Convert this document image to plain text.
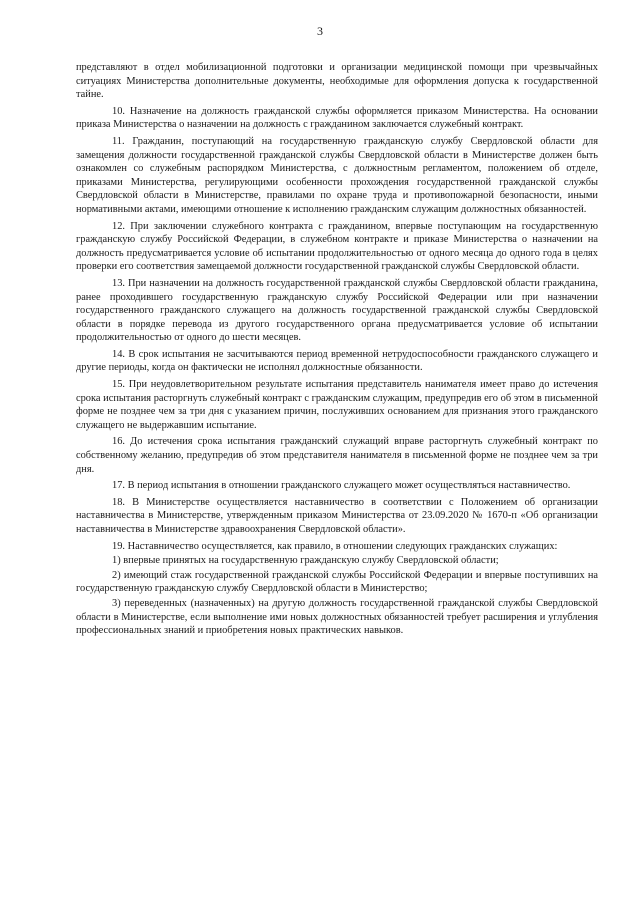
3

представляют в отдел мобилизационной подготовки и организации медицинской помощи при чрезвычайных ситуациях Министерства дополнительные документы, необходимые для оформления допуска к государственной тайне.

10. Назначение на должность гражданской службы оформляется приказом Министерства. На основании приказа Министерства о назначении на должность с гражданином заключается служебный контракт.

11. Гражданин, поступающий на государственную гражданскую службу Свердловской области для замещения должности государственной гражданской службы Свердловской области в Министерстве должен быть ознакомлен со служебным распорядком Министерства, с должностным регламентом, положением об отделе, приказами Министерства, регулирующими особенности прохождения государственной гражданской службы Свердловской области в Министерстве, правилами по охране труда и противопожарной безопасности, иными нормативными актами, имеющими отношение к исполнению гражданским служащим должностных обязанностей.

12. При заключении служебного контракта с гражданином, впервые поступающим на государственную гражданскую службу Российской Федерации, в служебном контракте и приказе Министерства о назначении на должность предусматривается условие об испытании продолжительностью от одного месяца до одного года в целях проверки его соответствия замещаемой должности государственной гражданской службы Свердловской области.

13. При назначении на должность государственной гражданской службы Свердловской области гражданина, ранее проходившего государственную гражданскую службу Российской Федерации или при назначении государственного гражданского служащего на должность государственной гражданской службы Свердловской области в порядке перевода из другого государственного органа предусматривается условие об испытании продолжительностью от одного до шести месяцев.

14. В срок испытания не засчитываются период временной нетрудоспособности гражданского служащего и другие периоды, когда он фактически не исполнял должностные обязанности.

15. При неудовлетворительном результате испытания представитель нанимателя имеет право до истечения срока испытания расторгнуть служебный контракт с гражданским служащим, предупредив его об этом в письменной форме не позднее чем за три дня с указанием причин, послуживших основанием для признания этого гражданского служащего не выдержавшим испытание.

16. До истечения срока испытания гражданский служащий вправе расторгнуть служебный контракт по собственному желанию, предупредив об этом представителя нанимателя в письменной форме не позднее чем за три дня.

17. В период испытания в отношении гражданского служащего может осуществляться наставничество.

18. В Министерстве осуществляется наставничество в соответствии с Положением об организации наставничества в Министерстве, утвержденным приказом Министерства от 23.09.2020 № 1670-п «Об организации наставничества в Министерстве здравоохранения Свердловской области».

19. Наставничество осуществляется, как правило, в отношении следующих гражданских служащих:

1) впервые принятых на государственную гражданскую службу Свердловской области;

2) имеющий стаж государственной гражданской службы Российской Федерации и впервые поступивших на государственную гражданскую службу Свердловской области в Министерство;

3) переведенных (назначенных) на другую должность государственной гражданской службы Свердловской области в Министерстве, если выполнение ими новых должностных обязанностей требует расширения и углубления профессиональных знаний и приобретения новых практических навыков.
